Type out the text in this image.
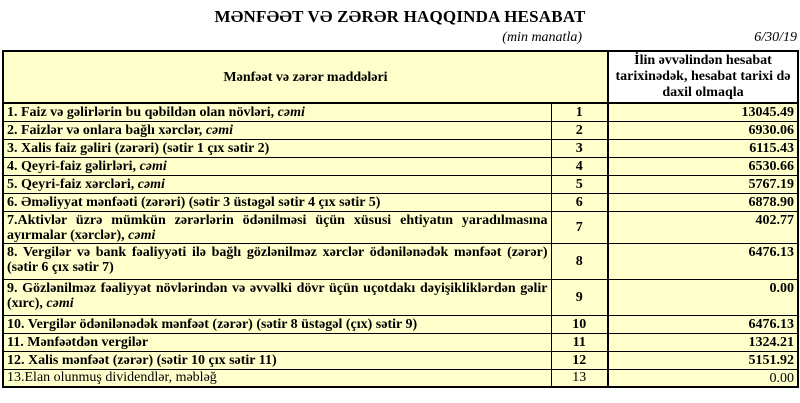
MƏNFƏƏT VƏ ZƏRƏR HAQQINDA HESABAT
(min manatla)	6/30/19
Mənfəət və zərər maddələri		İlin əvvəlindən hesabat tarixinədək, hesabat tarixi də daxil olmaqla
1. Faiz və gəlirlərin bu qəbildən olan növləri, cəmi	1	13045.49
2. Faizlər və onlara bağlı xərclər, cəmi	2	6930.06
3. Xalis faiz gəliri (zərəri) (sətir 1 çıx sətir 2)	3	6115.43
4. Qeyri-faiz gəlirləri, cəmi	4	6530.66
5. Qeyri-faiz xərcləri, cəmi	5	5767.19
6. Əməliyyat mənfəəti (zərəri) (sətir 3 üstəgəl sətir 4 çıx sətir 5)	6	6878.90
7.Aktivlər üzrə mümkün zərərlərin ödənilməsi üçün xüsusi ehtiyatın yaradılmasına ayırmalar (xərclər), cəmi	7	402.77
8. Vergilər və bank fəaliyyəti ilə bağlı gözlənilməz xərclər ödənilənədək mənfəət (zərər) (sətir 6 çıx sətir 7)	8	6476.13
9. Gözlənilməz fəaliyyət növlərindən və əvvəlki dövr üçün uçotdakı dəyişikliklərdən gəlir (xırc), cəmi	9	0.00
10. Vergilər ödənilənədək mənfəət (zərər) (sətir 8 üstəgəl (çıx) sətir 9)	10	6476.13
11. Mənfəətdən vergilər	11	1324.21
12. Xalis mənfəət (zərər) (sətir 10 çıx sətir 11)	12	5151.92
13.Elan olunmuş dividendlər, məbləğ	13	0.00
